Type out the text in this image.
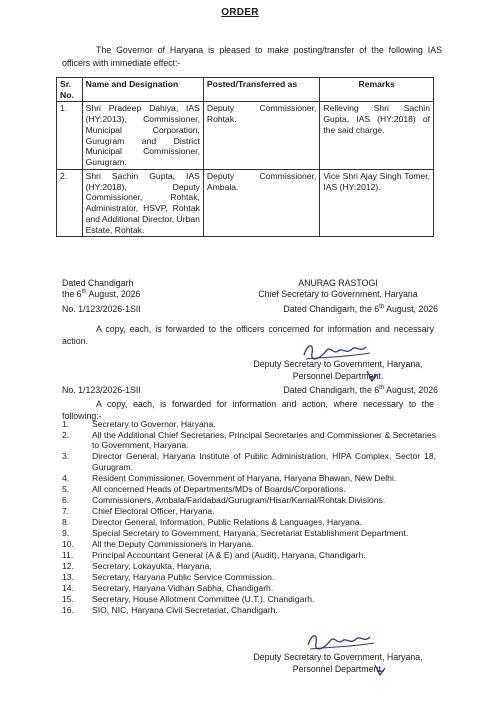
ORDER
The Governor of Haryana is pleased to make posting/transfer of the following IAS officers with immediate effect:-
Sr. No.	Name and Designation	Posted/Transferred as	Remarks
1.	Shri Pradeep Dahiya, IAS (HY:2013), Commissioner, Municipal Corporation, Gurugram and District Municipal Commissioner, Gurugram.	Deputy Commissioner, Rohtak.	Relieving Shri Sachin Gupta, IAS (HY:2018) of the said charge.
2.	Shri Sachin Gupta, IAS (HY:2018), Deputy Commissioner, Rohtak, Administrator, HSVP, Rohtak and Additional Director, Urban Estate, Rohtak.	Deputy Commissioner, Ambala.	Vice Shri Ajay Singh Tomer, IAS (HY:2012).
Dated Chandigarh
the 6th August, 2026
ANURAG RASTOGI
Chief Secretary to Government, Haryana
No. 1/123/2026-1SII	Dated Chandigarh, the 6th August, 2026
A copy, each, is forwarded to the officers concerned for information and necessary action.
Deputy Secretary to Government, Haryana,
Personnel Department.
No. 1/123/2026-1SII	Dated Chandigarh, the 6th August, 2026
A copy, each, is forwarded for information and action, where necessary to the following:-
1.	Secretary to Governor, Haryana.
2.	All the Additional Chief Secretaries, Principal Secretaries and Commissioner & Secretaries to Government, Haryana.
3.	Director General, Haryana Institute of Public Administration, HIPA Complex, Sector 18, Gurugram.
4.	Resident Commissioner, Government of Haryana, Haryana Bhawan, New Delhi.
5.	All concerned Heads of Departments/MDs of Boards/Corporations.
6.	Commissioners, Ambala/Faridabad/Gurugram/Hisar/Karnal/Rohtak Divisions.
7.	Chief Electoral Officer, Haryana.
8.	Director General, Information, Public Relations & Languages, Haryana.
9.	Special Secretary to Government, Haryana, Secretariat Establishment Department.
10.	All the Deputy Commissioners in Haryana.
11.	Principal Accountant General (A & E) and (Audit), Haryana, Chandigarh.
12.	Secretary, Lokayukta, Haryana.
13.	Secretary, Haryana Public Service Commission.
14.	Secretary, Haryana Vidhan Sabha, Chandigarh.
15.	Secretary, House Allotment Committee (U.T.), Chandigarh.
16.	SIO, NIC, Haryana Civil Secretariat, Chandigarh.
Deputy Secretary to Government, Haryana,
Personnel Department.
